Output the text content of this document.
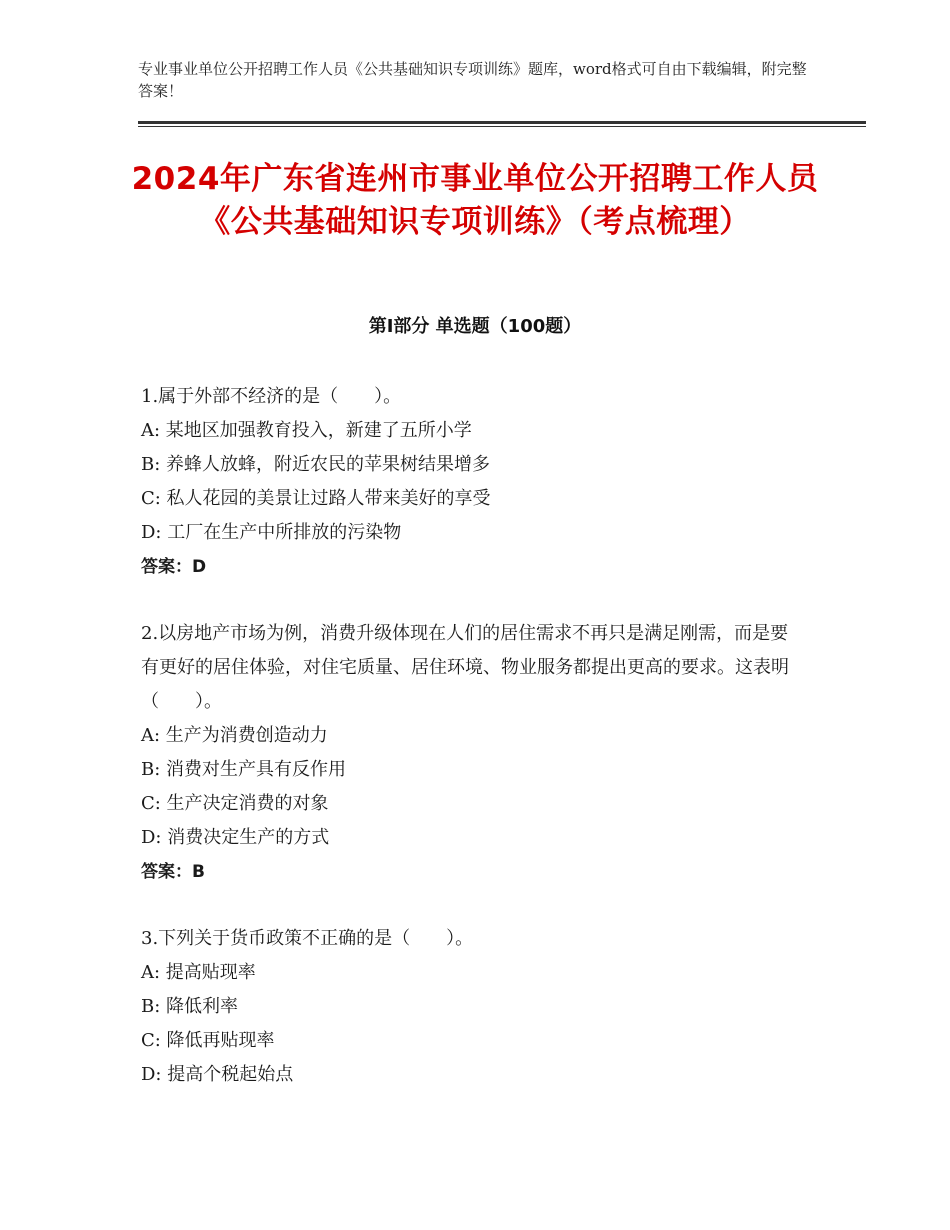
专业事业单位公开招聘工作人员《公共基础知识专项训练》题库，word格式可自由下载编辑，附完整答案！
2024年广东省连州市事业单位公开招聘工作人员《公共基础知识专项训练》（考点梳理）
第Ⅰ部分 单选题（100题）

1.属于外部不经济的是（　　）。

A: 某地区加强教育投入，新建了五所小学

B: 养蜂人放蜂，附近农民的苹果树结果增多

C: 私人花园的美景让过路人带来美好的享受

D: 工厂在生产中所排放的污染物

答案：D

2.以房地产市场为例，消费升级体现在人们的居住需求不再只是满足刚需，而是要有更好的居住体验，对住宅质量、居住环境、物业服务都提出更高的要求。这表明（　　）。

A: 生产为消费创造动力

B: 消费对生产具有反作用

C: 生产决定消费的对象

D: 消费决定生产的方式

答案：B

3.下列关于货币政策不正确的是（　　）。

A: 提高贴现率

B: 降低利率

C: 降低再贴现率

D: 提高个税起始点
